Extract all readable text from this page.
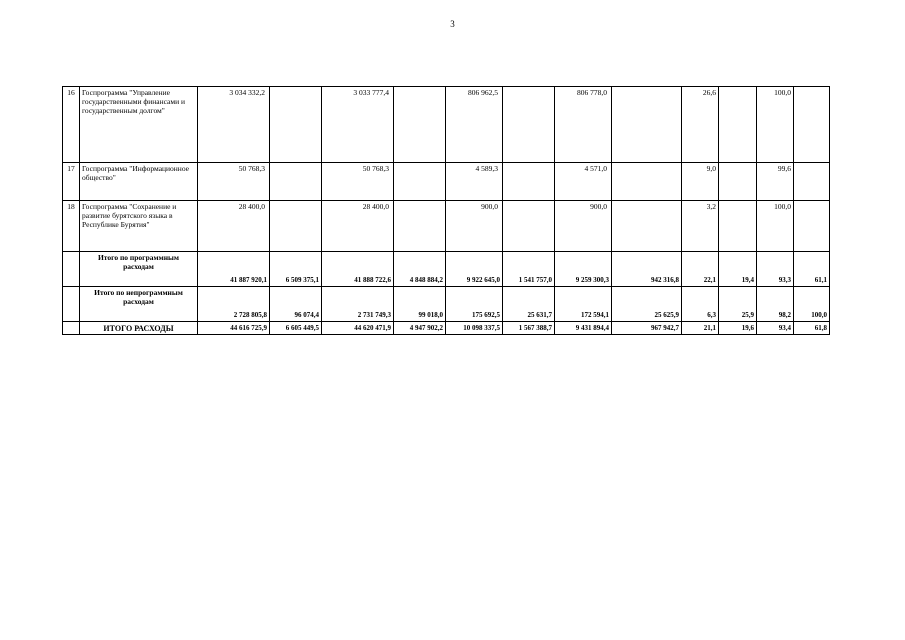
3
16	Госпрограмма "Управление государственными финансами и государственным долгом"	3 034 332,2		3 033 777,4		806 962,5		806 778,0		26,6		100,0	
17	Госпрограмма "Информационное общество"	50 768,3		50 768,3		4 589,3		4 571,0		9,0		99,6	
18	Госпрограмма "Сохранение и развитие бурятского языка в Республике Бурятия"	28 400,0		28 400,0		900,0		900,0		3,2		100,0	
	Итого по программным расходам	41 887 920,1	6 509 375,1	41 888 722,6	4 848 884,2	9 922 645,0	1 541 757,0	9 259 300,3	942 316,8	22,1	19,4	93,3	61,1
	Итого по непрограммным расходам	2 728 805,8	96 074,4	2 731 749,3	99 018,0	175 692,5	25 631,7	172 594,1	25 625,9	6,3	25,9	98,2	100,0
	ИТОГО РАСХОДЫ	44 616 725,9	6 605 449,5	44 620 471,9	4 947 902,2	10 098 337,5	1 567 388,7	9 431 894,4	967 942,7	21,1	19,6	93,4	61,8
